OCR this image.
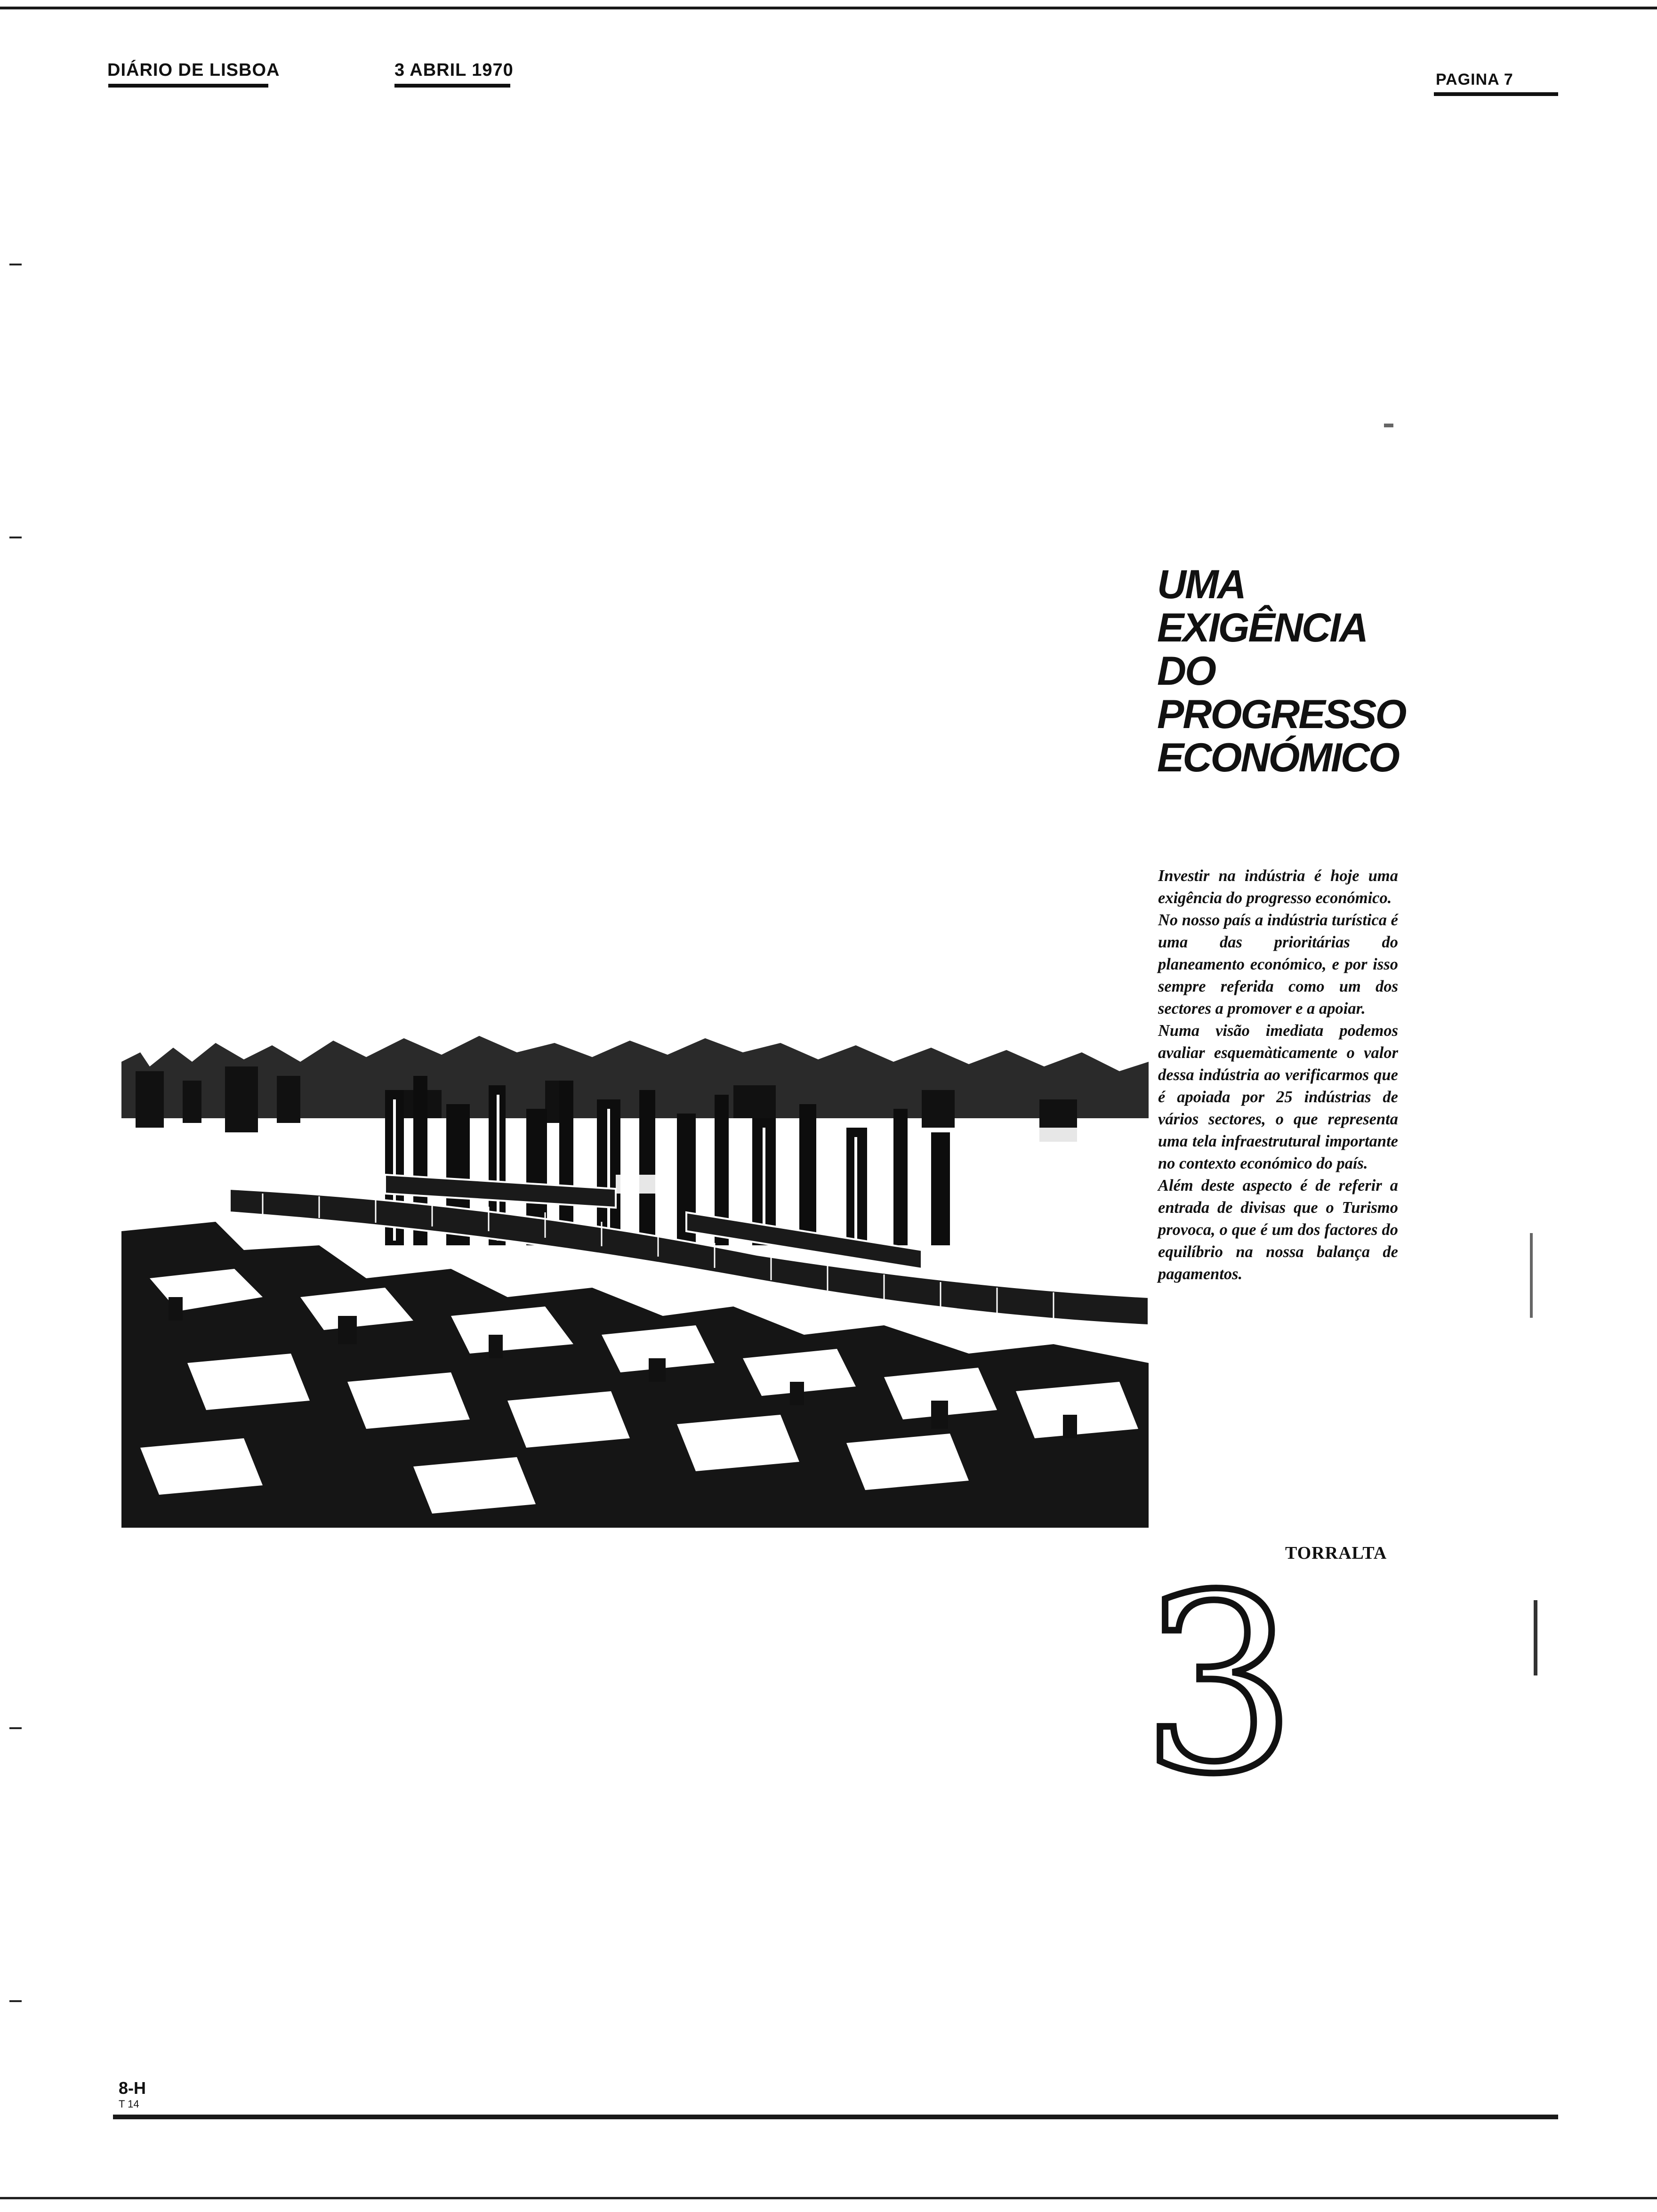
DIÁRIO DE LISBOA	3 ABRIL 1970	PAGINA 7
UMA EXIGÊNCIA
DO PROGRESSO
ECONÓMICO

Investir na indústria é hoje uma exigência do progresso económico.

No nosso país a indústria turística é uma das prioritárias do planeamento económico, e por isso sempre referida como um dos sectores a promover e a apoiar.

Numa visão imediata podemos avaliar esquemàticamente o valor dessa indústria ao verificarmos que é apoiada por 25 indústrias de vários sectores, o que representa uma tela infraestrutural importante no contexto económico do país.

Além deste aspecto é de referir a entrada de divisas que o Turismo provoca, o que é um dos factores do equilíbrio na nossa balança de pagamentos.

TORRALTA
3
8-H
T 14
